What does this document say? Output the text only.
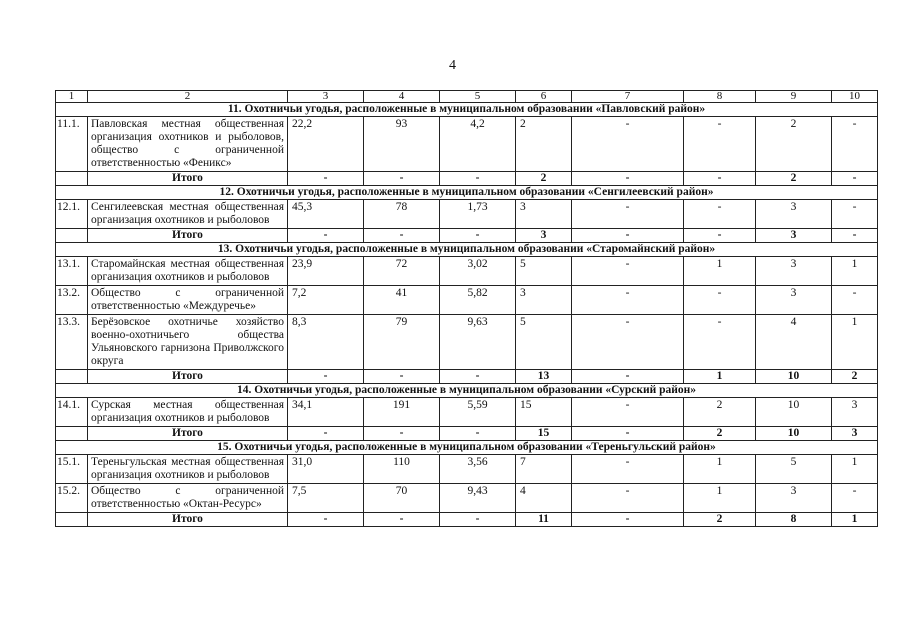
4
1	2	3	4	5	6	7	8	9	10
11. Охотничьи угодья, расположенные в муниципальном образовании «Павловский район»									
11.1.	Павловская местная общественная организация охотников и рыболовов, общество с ограниченной ответственностью «Феникс»	22,2	93	4,2	2	-	-	2	-
	Итого	-	-	-	2	-	-	2	-
12. Охотничьи угодья, расположенные в муниципальном образовании «Сенгилеевский район»									
12.1.	Сенгилеевская местная общественная организация охотников и рыболовов	45,3	78	1,73	3	-	-	3	-
	Итого	-	-	-	3	-	-	3	-
13. Охотничьи угодья, расположенные в муниципальном образовании «Старомайнский район»									
13.1.	Старомайнская местная общественная организация охотников и рыболовов	23,9	72	3,02	5	-	1	3	1
13.2.	Общество с ограниченной ответственностью «Междуречье»	7,2	41	5,82	3	-	-	3	-
13.3.	Берёзовское охотничье хозяйство военно-охотничьего общества Ульяновского гарнизона Приволжского округа	8,3	79	9,63	5	-	-	4	1
	Итого	-	-	-	13	-	1	10	2
14. Охотничьи угодья, расположенные в муниципальном образовании «Сурский район»									
14.1.	Сурская местная общественная организация охотников и рыболовов	34,1	191	5,59	15	-	2	10	3
	Итого	-	-	-	15	-	2	10	3
15. Охотничьи угодья, расположенные в муниципальном образовании «Тереньгульский район»									
15.1.	Тереньгульская местная общественная организация охотников и рыболовов	31,0	110	3,56	7	-	1	5	1
15.2.	Общество с ограниченной ответственностью «Октан-Ресурс»	7,5	70	9,43	4	-	1	3	-
	Итого	-	-	-	11	-	2	8	1
